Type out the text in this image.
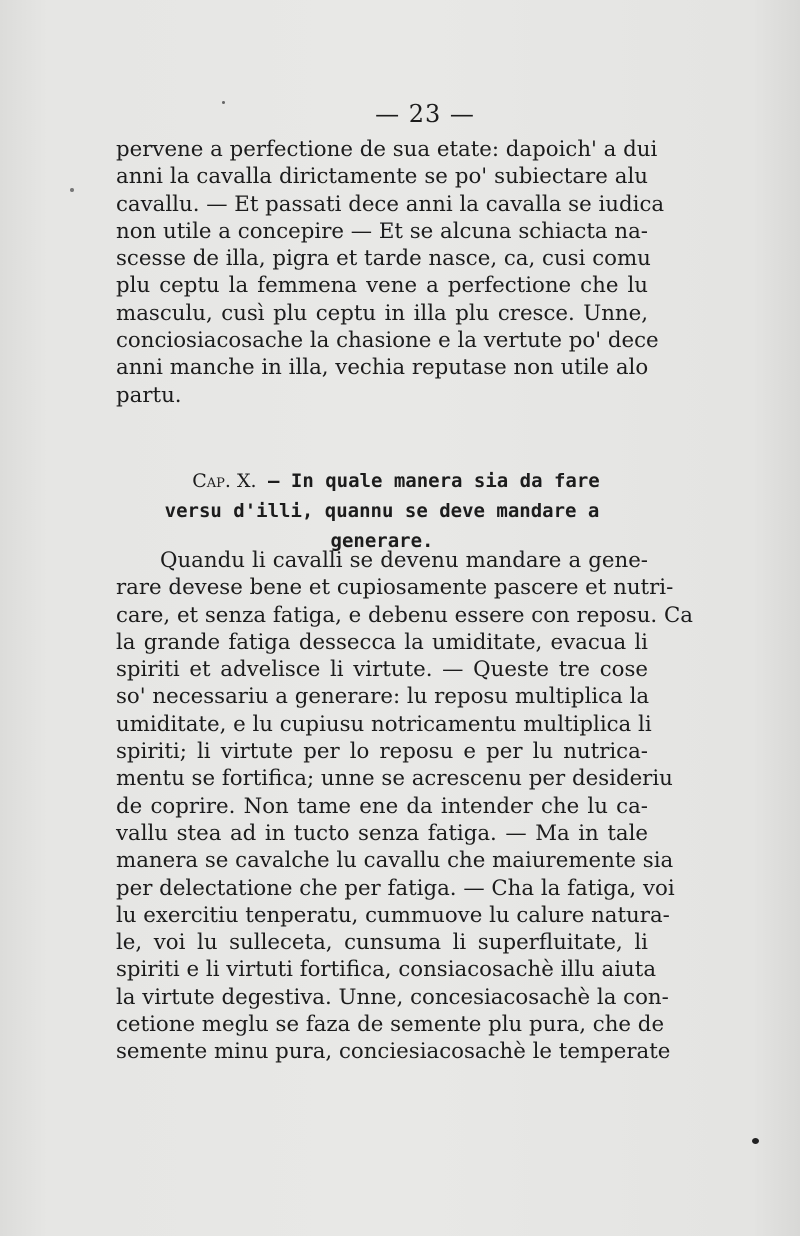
— 23 —
pervene a perfectione de sua etate: dapoich' a dui
anni la cavalla dirictamente se po' subiectare alu
cavallu. — Et passati dece anni la cavalla se iudica
non utile a concepire — Et se alcuna schiacta na-
scesse de illa, pigra et tarde nasce, ca, cusi comu
plu ceptu la femmena vene a perfectione che lu
masculu, cusì plu ceptu in illa plu cresce. Unne,
conciosiacosache la chasione e la vertute po' dece
anni manche in illa, vechia reputase non utile alo
partu.
Cap. X. — In quale manera sia da fare
versu d'illi, quannu se deve mandare a generare.
Quandu li cavalli se devenu mandare a gene-
rare devese bene et cupiosamente pascere et nutri-
care, et senza fatiga, e debenu essere con reposu. Ca
la grande fatiga dessecca la umiditate, evacua li
spiriti et advelisce li virtute. — Queste tre cose
so' necessariu a generare: lu reposu multiplica la
umiditate, e lu cupiusu notricamentu multiplica li
spiriti; li virtute per lo reposu e per lu nutrica-
mentu se fortifica; unne se acrescenu per desideriu
de coprire. Non tame ene da intender che lu ca-
vallu stea ad in tucto senza fatiga. — Ma in tale
manera se cavalche lu cavallu che maiuremente sia
per delectatione che per fatiga. — Cha la fatiga, voi
lu exercitiu tenperatu, cummuove lu calure natura-
le, voi lu sulleceta, cunsuma li superfluitate, li
spiriti e li virtuti fortifica, consiacosachè illu aiuta
la virtute degestiva. Unne, concesiacosachè la con-
cetione meglu se faza de semente plu pura, che de
semente minu pura, conciesiacosachè le temperate
